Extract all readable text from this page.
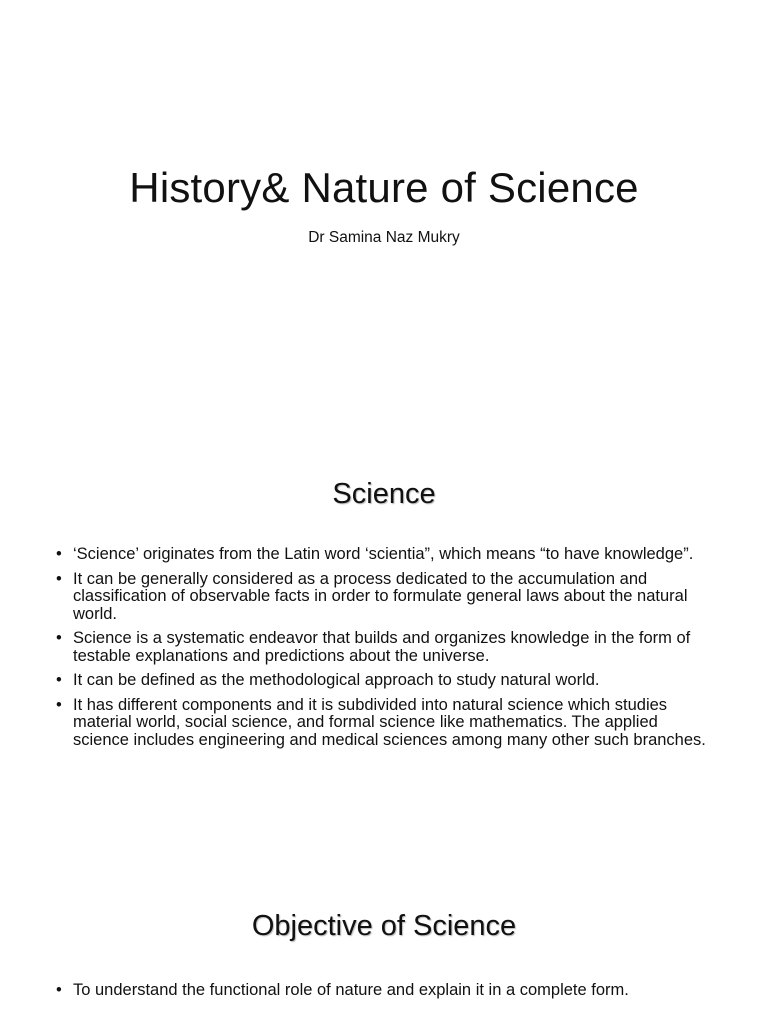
History& Nature of Science

Dr Samina Naz Mukry

Science
• ‘Science’ originates from the Latin word ‘scientia”, which means “to have knowledge”.
• It can be generally considered as a process dedicated to the accumulation and classification of observable facts in order to formulate general laws about the natural world.
• Science is a systematic endeavor that builds and organizes knowledge in the form of testable explanations and predictions about the universe.
• It can be defined as the methodological approach to study natural world.
• It has different components and it is subdivided into natural science which studies material world, social science, and formal science like mathematics. The applied science includes engineering and medical sciences among many other such branches.
Objective of Science
• To understand the functional role of nature and explain it in a complete form.
